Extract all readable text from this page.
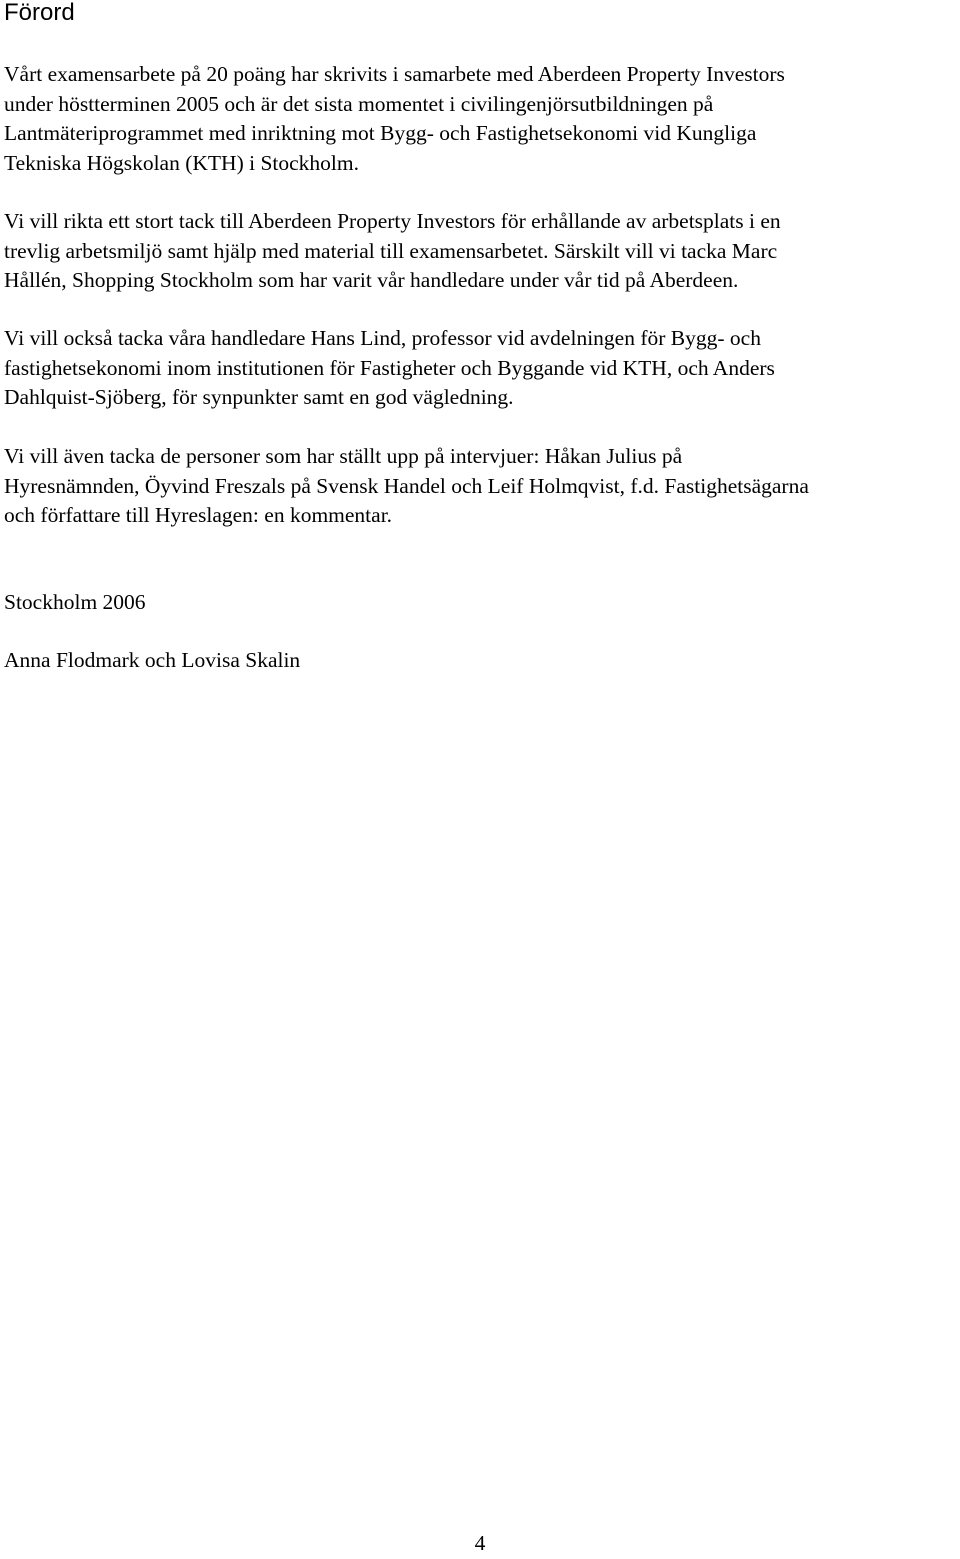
Förord

Vårt examensarbete på 20 poäng har skrivits i samarbete med Aberdeen Property Investors
under höstterminen 2005 och är det sista momentet i civilingenjörsutbildningen på
Lantmäteriprogrammet med inriktning mot Bygg- och Fastighetsekonomi vid Kungliga
Tekniska Högskolan (KTH) i Stockholm.

Vi vill rikta ett stort tack till Aberdeen Property Investors för erhållande av arbetsplats i en
trevlig arbetsmiljö samt hjälp med material till examensarbetet. Särskilt vill vi tacka Marc
Hållén, Shopping Stockholm som har varit vår handledare under vår tid på Aberdeen.

Vi vill också tacka våra handledare Hans Lind, professor vid avdelningen för Bygg- och
fastighetsekonomi inom institutionen för Fastigheter och Byggande vid KTH, och Anders
Dahlquist-Sjöberg, för synpunkter samt en god vägledning.

Vi vill även tacka de personer som har ställt upp på intervjuer: Håkan Julius på
Hyresnämnden, Öyvind Freszals på Svensk Handel och Leif Holmqvist, f.d. Fastighetsägarna
och författare till Hyreslagen: en kommentar.

Stockholm 2006

Anna Flodmark och Lovisa Skalin

4
